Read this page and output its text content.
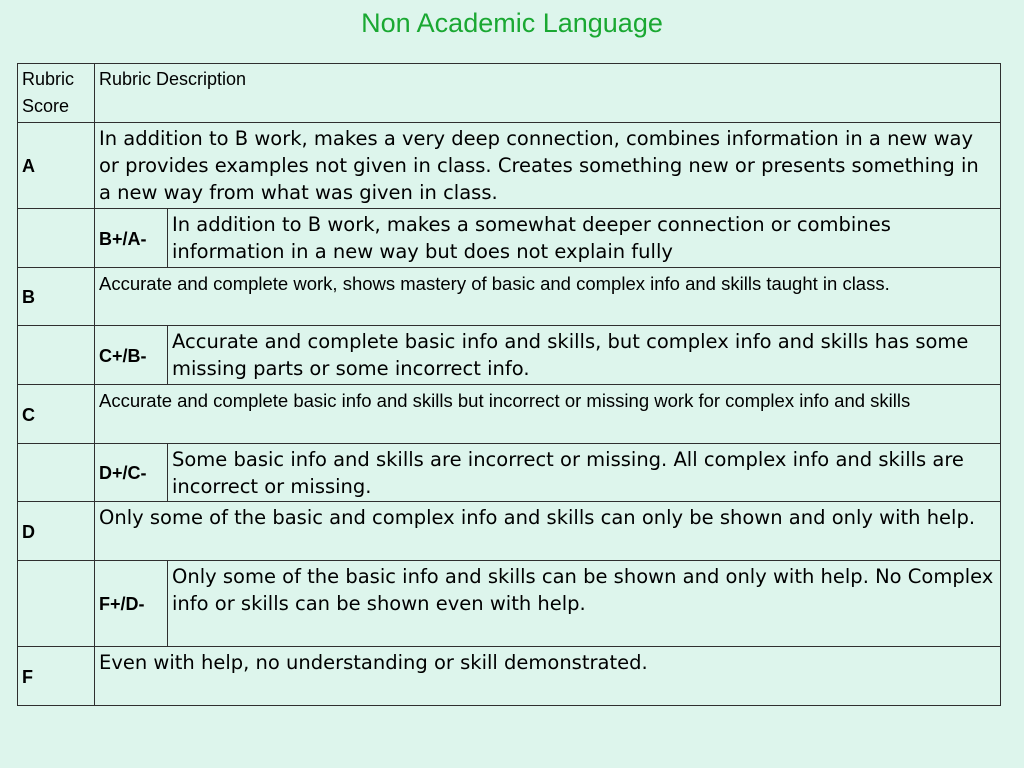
Non Academic Language
Rubric Score	Rubric Description	
A	In addition to B work, makes a very deep connection, combines information in a new way or provides examples not given in class. Creates something new or presents something in a new way from what was given in class.	
	B+/A-	In addition to B work, makes a somewhat deeper connection or combines information in a new way but does not explain fully
B	Accurate and complete work, shows mastery of basic and complex info and skills taught in class.	
	C+/B-	Accurate and complete basic info and skills, but complex info and skills has some missing parts or some incorrect info.
C	Accurate and complete basic info and skills but incorrect or missing work for complex info and skills	
	D+/C-	Some basic info and skills are incorrect or missing. All complex info and skills are incorrect or missing.
D	Only some of the basic and complex info and skills can only be shown and only with help.	
	F+/D-	Only some of the basic info and skills can be shown and only with help. No Complex info or skills can be shown even with help.
F	Even with help, no understanding or skill demonstrated.	
